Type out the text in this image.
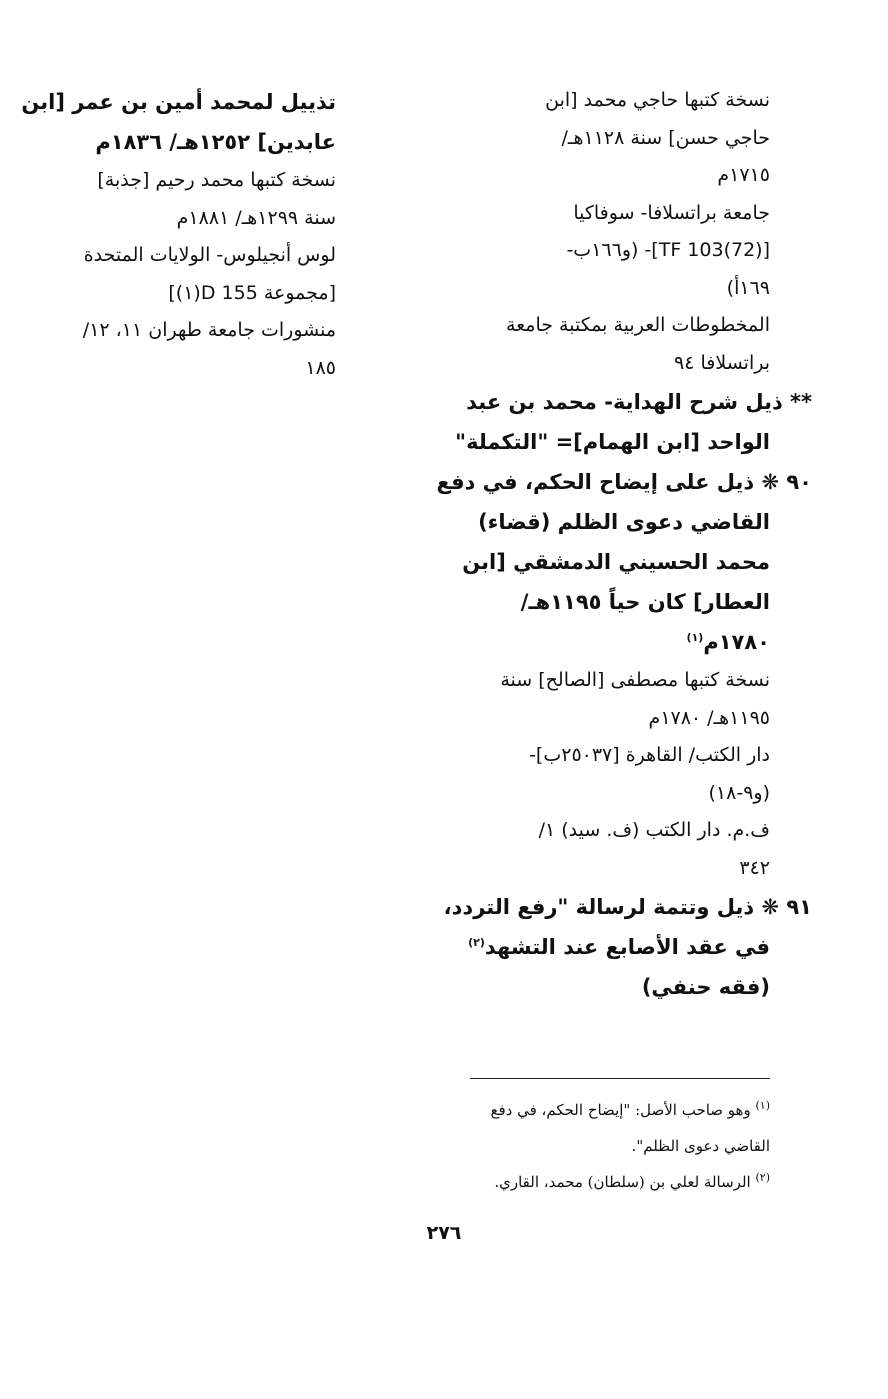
نسخة كتبها حاجي محمد [ابن
حاجي حسن] سنة ١١٢٨هـ/
١٧١٥م
جامعة براتسلافا- سوفاكيا
[TF 103(72)]- (و١٦٦ب-
١٦٩أ)
المخطوطات العربية بمكتبة جامعة
براتسلافا ٩٤
** ذيل شرح الهداية- محمد بن عبد
الواحد [ابن الهمام]= "التكملة"
٩٠ ❋ ذيل على إيضاح الحكم، في دفع
القاضي دعوى الظلم (قضاء)
محمد الحسيني الدمشقي [ابن
العطار] كان حياً ١١٩٥هـ/
١٧٨٠م$^{(١)}$
نسخة كتبها مصطفى [الصالح] سنة
١١٩٥هـ/ ١٧٨٠م
دار الكتب/ القاهرة [٢٥٠٣٧ب]-
(و٩-١٨)
ف.م. دار الكتب (ف. سيد) ١/
٣٤٢
٩١ ❋ ذيل وتتمة لرسالة "رفع التردد،
في عقد الأصابع عند التشهد$^{(٢)}$
(فقه حنفي)
تذييل لمحمد أمين بن عمر [ابن
عابدين] ١٢٥٢هـ/ ١٨٣٦م
نسخة كتبها محمد رحيم [جذبة]
سنة ١٢٩٩هـ/ ١٨٨١م
لوس أنجيلوس- الولايات المتحدة
[مجموعة D 155(١)]
منشورات جامعة طهران ١١، ١٢/
١٨٥
$^{(١)}$ وهو صاحب الأصل: "إيضاح الحكم، في دفع
القاضي دعوى الظلم".
$^{(٢)}$ الرسالة لعلي بن (سلطان) محمد، القاري.
٢٧٦
